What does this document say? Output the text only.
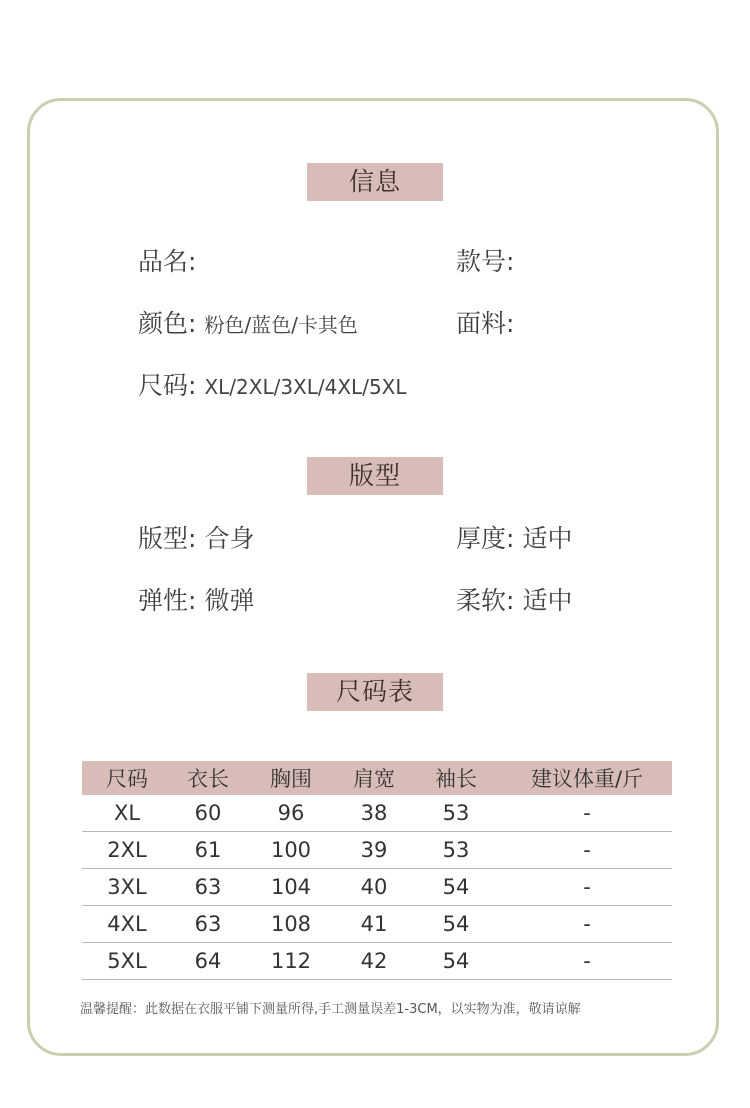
信息
版型
尺码表
品名:	款号:
颜色: 粉色/蓝色/卡其色	面料:
尺码: XL/2XL/3XL/4XL/5XL
版型: 合身	厚度: 适中
弹性: 微弹	柔软: 适中
尺码	衣长	胸围	肩宽	袖长	建议体重/斤
XL	60	96	38	53	-
2XL	61	100	39	53	-
3XL	63	104	40	54	-
4XL	63	108	41	54	-
5XL	64	112	42	54	-
温馨提醒：此数据在衣服平铺下测量所得,手工测量误差1-3CM，以实物为准，敬请谅解
